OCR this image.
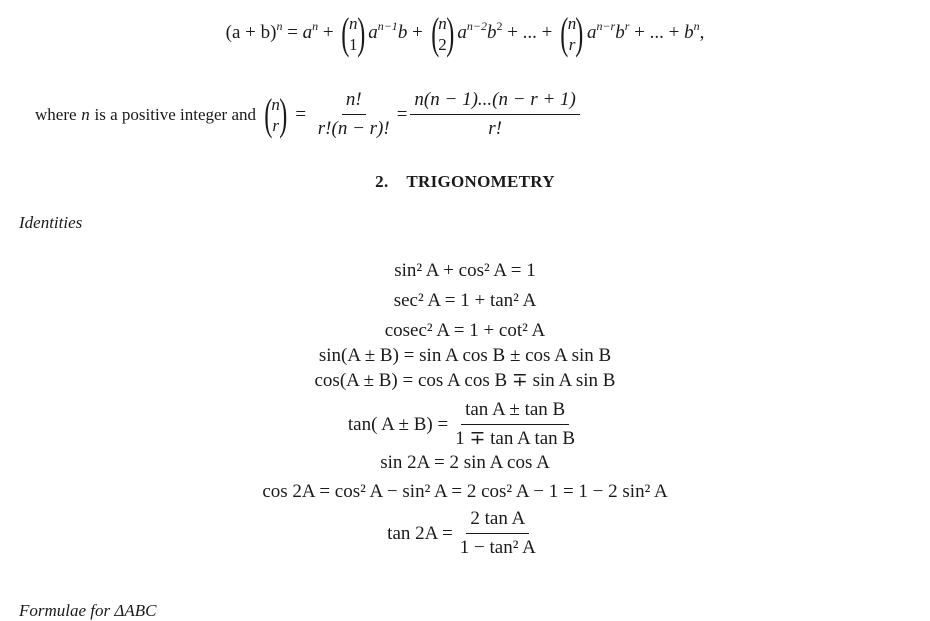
$(a + b)^n = a^n$ + ( n
1 ) $a^{n-1}b$ + ( n
2 ) $a^{n-2}b^2$ + ... + ( n
r ) $a^{n-r}b^r$ + ... + $b^n$,
where
n
is a positive integer and
( n
r )
=
$\frac{n!}{r!(n - r)!} = \frac{n(n - 1)...(n - r + 1)}{r!}$
2.    TRIGONOMETRY
Identities
sin² A + cos² A = 1
sec² A = 1 + tan² A
cosec² A = 1 + cot² A
sin(A ± B) = sin A cos B ± cos A sin B
cos(A ± B) = cos A cos B ∓ sin A sin B
tan( $A \pm B) = \frac{\text{tan A ± tan B}}{\text{1 ∓ tan A tan B}}$
sin 2A = 2 sin A cos A
cos 2A = cos² A − sin² A = 2 cos² A − 1 = 1 − 2 sin² A
$\tan 2A = \frac{\text{2 tan A}}{\text{1 − tan² A}}$
Formulae for ΔABC
